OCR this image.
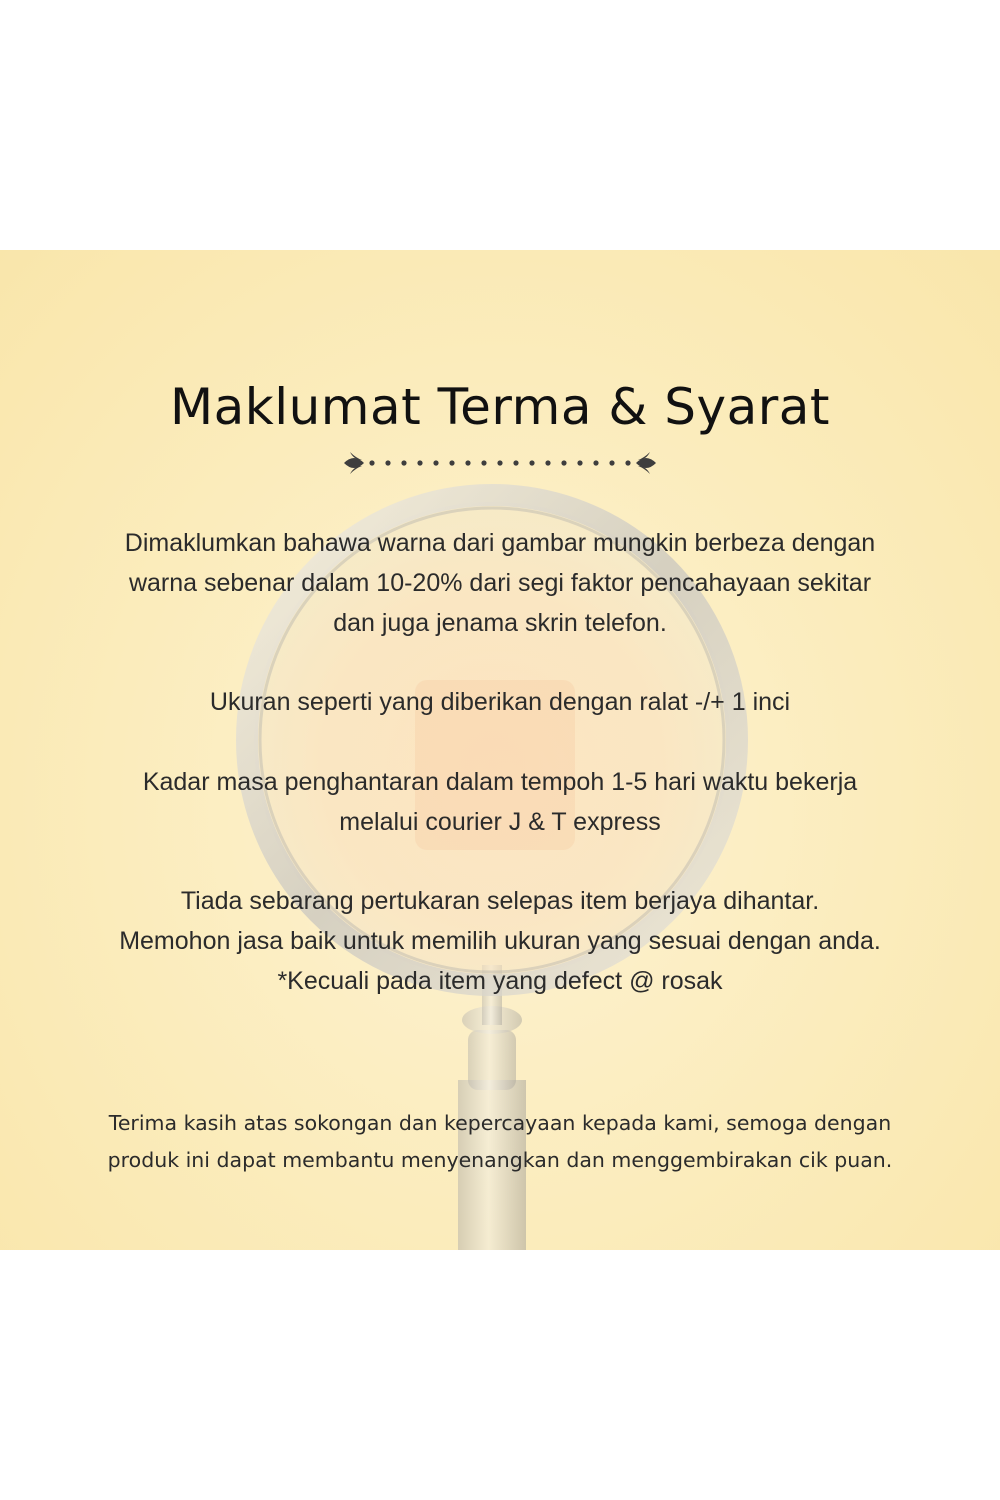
Maklumat Terma & Syarat

Dimaklumkan bahawa warna dari gambar mungkin berbeza dengan

warna sebenar dalam 10-20% dari segi faktor pencahayaan sekitar

dan juga jenama skrin telefon.

Ukuran seperti yang diberikan dengan ralat -/+ 1 inci

Kadar masa penghantaran dalam tempoh 1-5 hari waktu bekerja

melalui courier J & T express

Tiada sebarang pertukaran selepas item berjaya dihantar.

Memohon jasa baik untuk memilih ukuran yang sesuai dengan anda.

*Kecuali pada item yang defect @ rosak

Terima kasih atas sokongan dan kepercayaan kepada kami, semoga dengan

produk ini dapat membantu menyenangkan dan menggembirakan cik puan.
